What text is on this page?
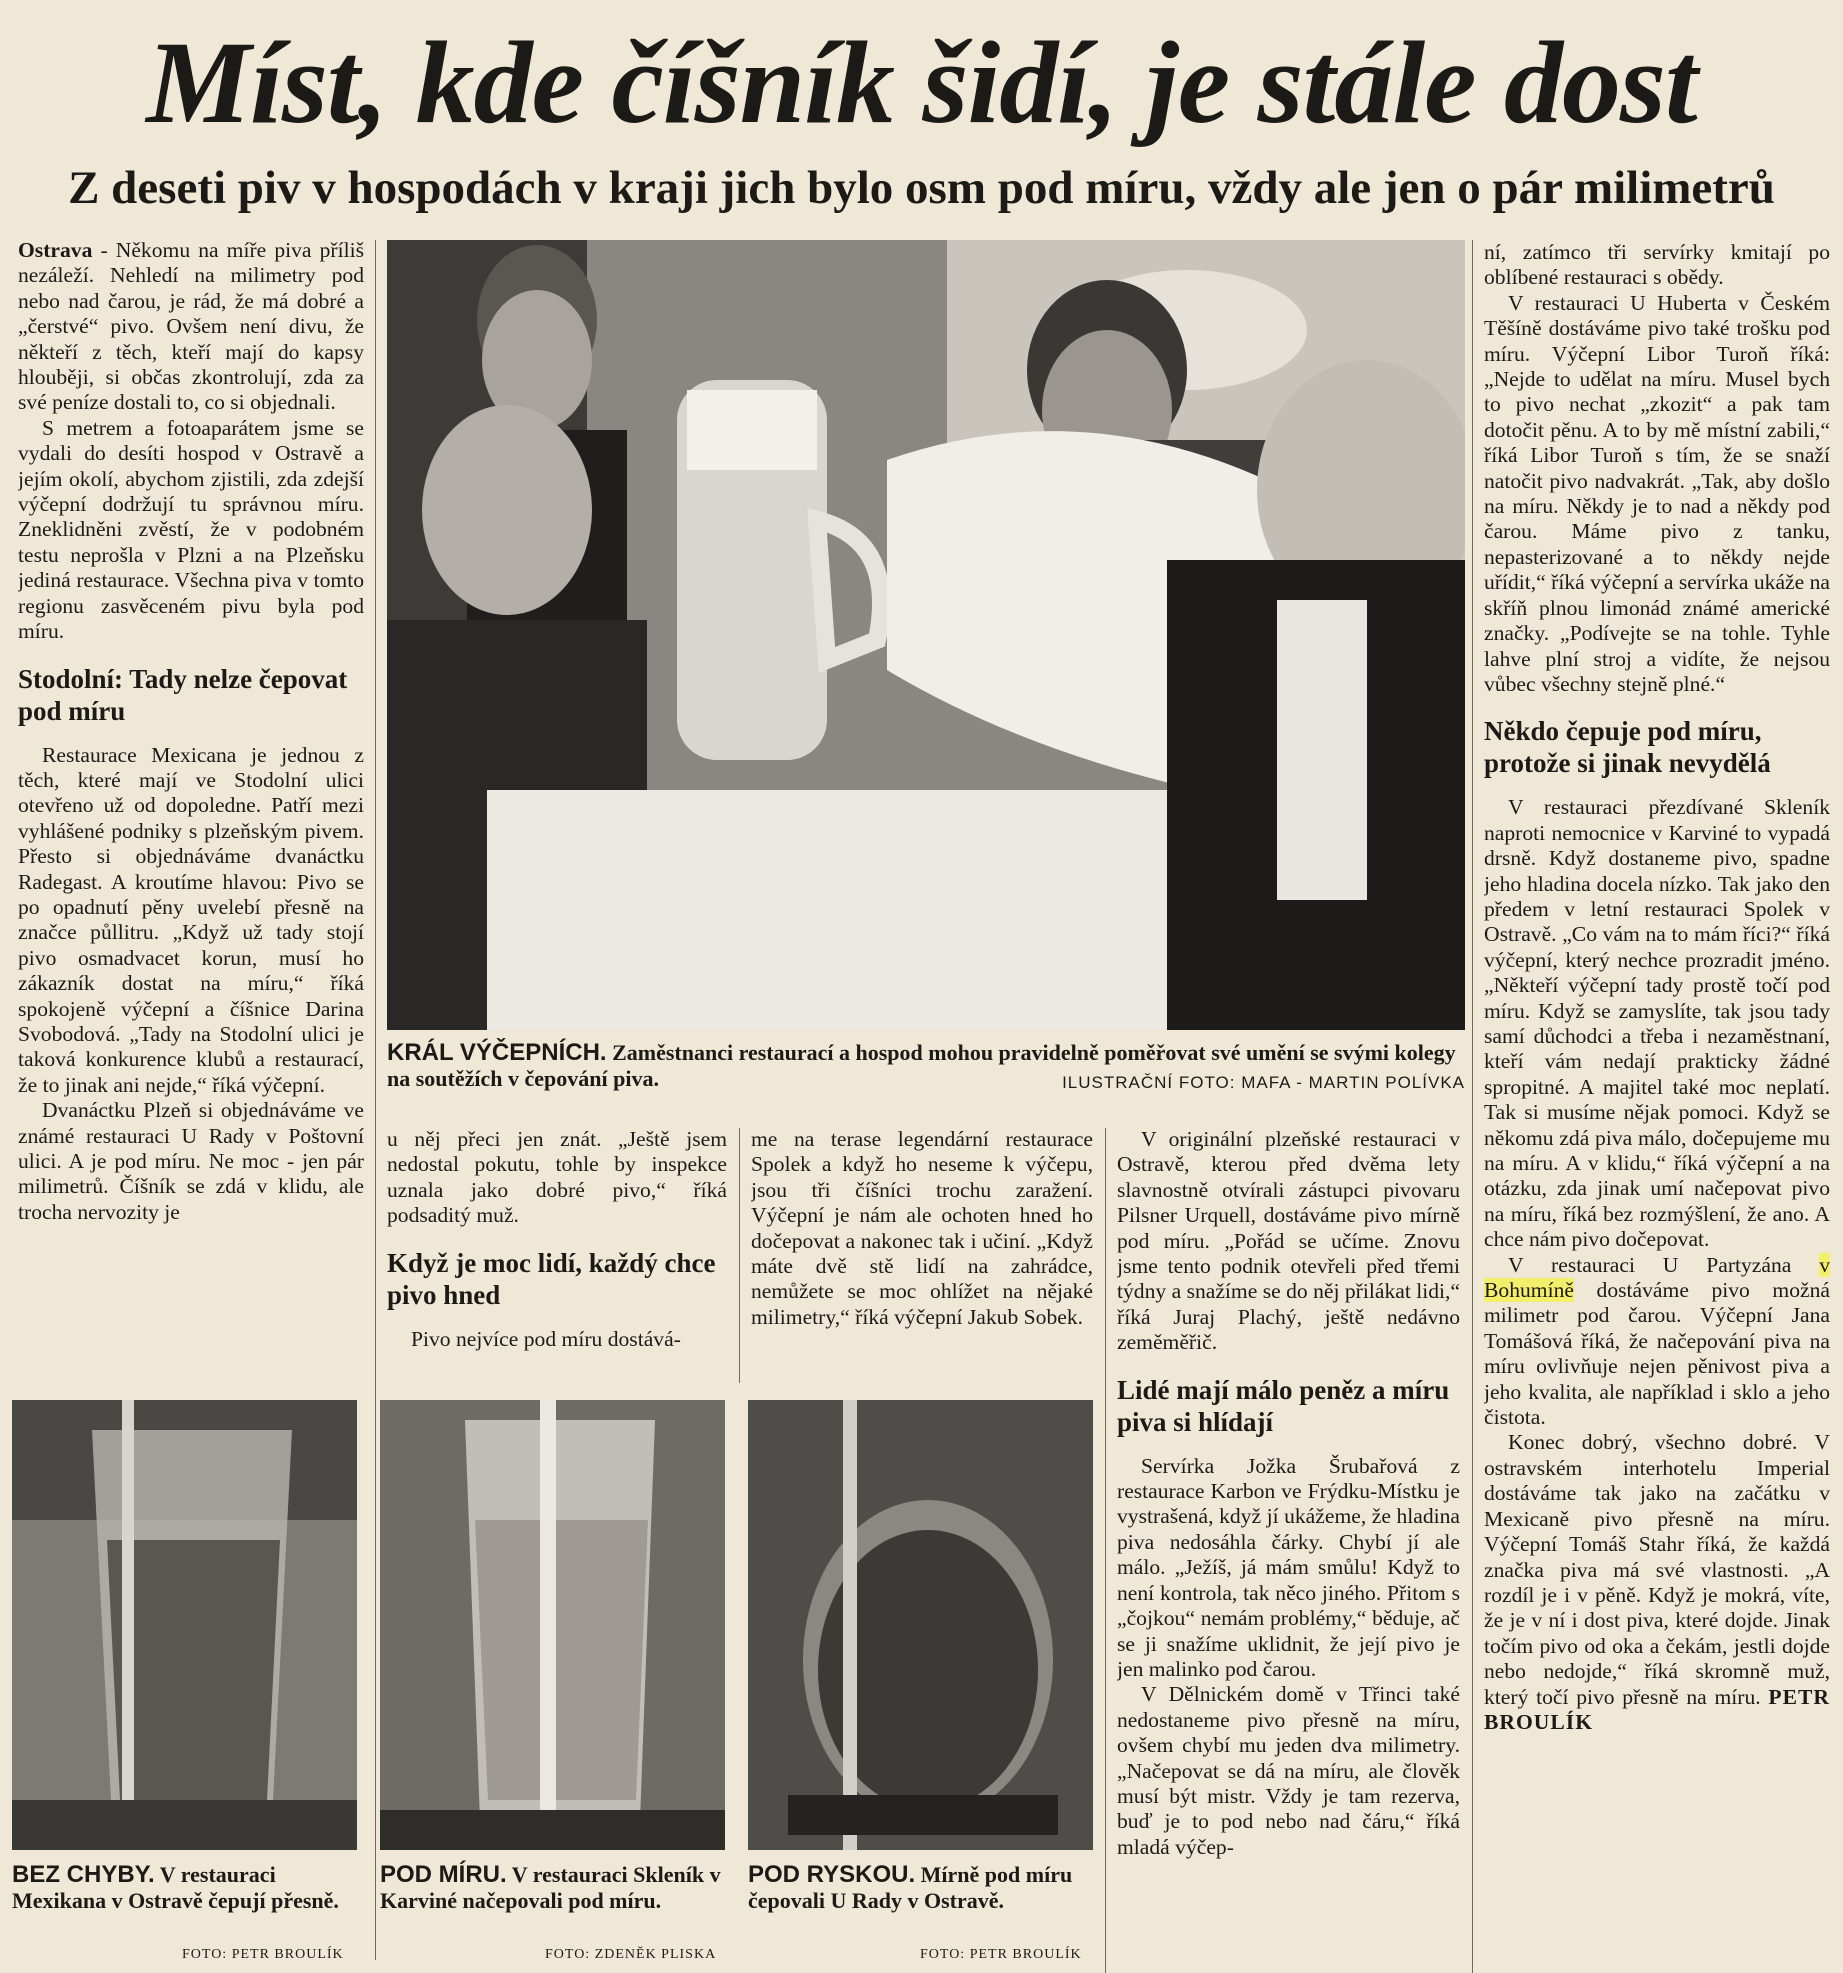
Míst, kde číšník šidí, je stále dost
Z deseti piv v hospodách v kraji jich bylo osm pod míru, vždy ale jen o pár milimetrů

Ostrava - Někomu na míře piva příliš nezáleží. Nehledí na milimetry pod nebo nad čarou, je rád, že má dobré a „čerstvé“ pivo. Ovšem není divu, že někteří z těch, kteří mají do kapsy hlouběji, si občas zkontrolují, zda za své peníze dostali to, co si objednali.

S metrem a fotoaparátem jsme se vydali do desíti hospod v Ostravě a jejím okolí, abychom zjistili, zda zdejší výčepní dodržují tu správnou míru. Zneklidněni zvěstí, že v podobném testu neprošla v Plzni a na Plzeňsku jediná restaurace. Všechna piva v tomto regionu zasvěceném pivu byla pod míru.

Stodolní: Tady nelze čepovat pod míru

Restaurace Mexicana je jednou z těch, které mají ve Stodolní ulici otevřeno už od dopoledne. Patří mezi vyhlášené podniky s plzeňským pivem. Přesto si objednáváme dvanáctku Radegast. A kroutíme hlavou: Pivo se po opadnutí pěny uvelebí přesně na značce půllitru. „Když už tady stojí pivo osmadvacet korun, musí ho zákazník dostat na míru,“ říká spokojeně výčepní a číšnice Darina Svobodová. „Tady na Stodolní ulici je taková konkurence klubů a restaurací, že to jinak ani nejde,“ říká výčepní.

Dvanáctku Plzeň si objednáváme ve známé restauraci U Rady v Poštovní ulici. A je pod míru. Ne moc - jen pár milimetrů. Číšník se zdá v klidu, ale trocha nervozity je

KRÁL VÝČEPNÍCH. Zaměstnanci restaurací a hospod mohou pravidelně poměřovat své umění se svými kolegy na soutěžích v čepování piva.	ILUSTRAČNÍ FOTO: MAFA - MARTIN POLÍVKA

u něj přeci jen znát. „Ještě jsem nedostal pokutu, tohle by inspekce uznala jako dobré pivo,“ říká podsaditý muž.

Když je moc lidí, každý chce pivo hned

Pivo nejvíce pod míru dostává-

me na terase legendární restaurace Spolek a když ho neseme k výčepu, jsou tři číšníci trochu zaražení. Výčepní je nám ale ochoten hned ho dočepovat a nakonec tak i učiní. „Když máte dvě stě lidí na zahrádce, nemůžete se moc ohlížet na nějaké milimetry,“ říká výčepní Jakub Sobek.

V originální plzeňské restauraci v Ostravě, kterou před dvěma lety slavnostně otvírali zástupci pivovaru Pilsner Urquell, dostáváme pivo mírně pod míru. „Pořád se učíme. Znovu jsme tento podnik otevřeli před třemi týdny a snažíme se do něj přilákat lidi,“ říká Juraj Plachý, ještě nedávno zeměměřič.

Lidé mají málo peněz a míru piva si hlídají

Servírka Jožka Šrubařová z restaurace Karbon ve Frýdku-Místku je vystrašená, když jí ukážeme, že hladina piva nedosáhla čárky. Chybí jí ale málo. „Ježíš, já mám smůlu! Když to není kontrola, tak něco jiného. Přitom s „čojkou“ nemám problémy,“ běduje, ač se ji snažíme uklidnit, že její pivo je jen malinko pod čarou.

V Dělnickém domě v Třinci také nedostaneme pivo přesně na míru, ovšem chybí mu jeden dva milimetry. „Načepovat se dá na míru, ale člověk musí být mistr. Vždy je tam rezerva, buď je to pod nebo nad čáru,“ říká mladá výčep-

ní, zatímco tři servírky kmitají po oblíbené restauraci s obědy.

V restauraci U Huberta v Českém Těšíně dostáváme pivo také trošku pod míru. Výčepní Libor Turoň říká: „Nejde to udělat na míru. Musel bych to pivo nechat „zkozit“ a pak tam dotočit pěnu. A to by mě místní zabili,“ říká Libor Turoň s tím, že se snaží natočit pivo nadvakrát. „Tak, aby došlo na míru. Někdy je to nad a někdy pod čarou. Máme pivo z tanku, nepasterizované a to někdy nejde uřídit,“ říká výčepní a servírka ukáže na skříň plnou limonád známé americké značky. „Podívejte se na tohle. Tyhle lahve plní stroj a vidíte, že nejsou vůbec všechny stejně plné.“

Někdo čepuje pod míru, protože si jinak nevydělá

V restauraci přezdívané Skleník naproti nemocnice v Karviné to vypadá drsně. Když dostaneme pivo, spadne jeho hladina docela nízko. Tak jako den předem v letní restauraci Spolek v Ostravě. „Co vám na to mám říci?“ říká výčepní, který nechce prozradit jméno. „Někteří výčepní tady prostě točí pod míru. Když se zamyslíte, tak jsou tady samí důchodci a třeba i nezaměstnaní, kteří vám nedají prakticky žádné spropitné. A majitel také moc neplatí. Tak si musíme nějak pomoci. Když se někomu zdá piva málo, dočepujeme mu na míru. A v klidu,“ říká výčepní a na otázku, zda jinak umí načepovat pivo na míru, říká bez rozmýšlení, že ano. A chce nám pivo dočepovat.

V restauraci U Partyzána v Bohumíně dostáváme pivo možná milimetr pod čarou. Výčepní Jana Tomášová říká, že načepování piva na míru ovlivňuje nejen pěnivost piva a jeho kvalita, ale například i sklo a jeho čistota.

Konec dobrý, všechno dobré. V ostravském interhotelu Imperial dostáváme tak jako na začátku v Mexicaně pivo přesně na míru. Výčepní Tomáš Stahr říká, že každá značka piva má své vlastnosti. „A rozdíl je i v pěně. Když je mokrá, víte, že je v ní i dost piva, které dojde. Jinak točím pivo od oka a čekám, jestli dojde nebo nedojde,“ říká skromně muž, který točí pivo přesně na míru. PETR BROULÍK

BEZ CHYBY. V restauraci Mexikana v Ostravě čepují přesně.
FOTO: PETR BROULÍK
POD MÍRU. V restauraci Skleník v Karviné načepovali pod míru.
FOTO: ZDENĚK PLISKA
POD RYSKOU. Mírně pod míru čepovali U Rady v Ostravě.
FOTO: PETR BROULÍK
